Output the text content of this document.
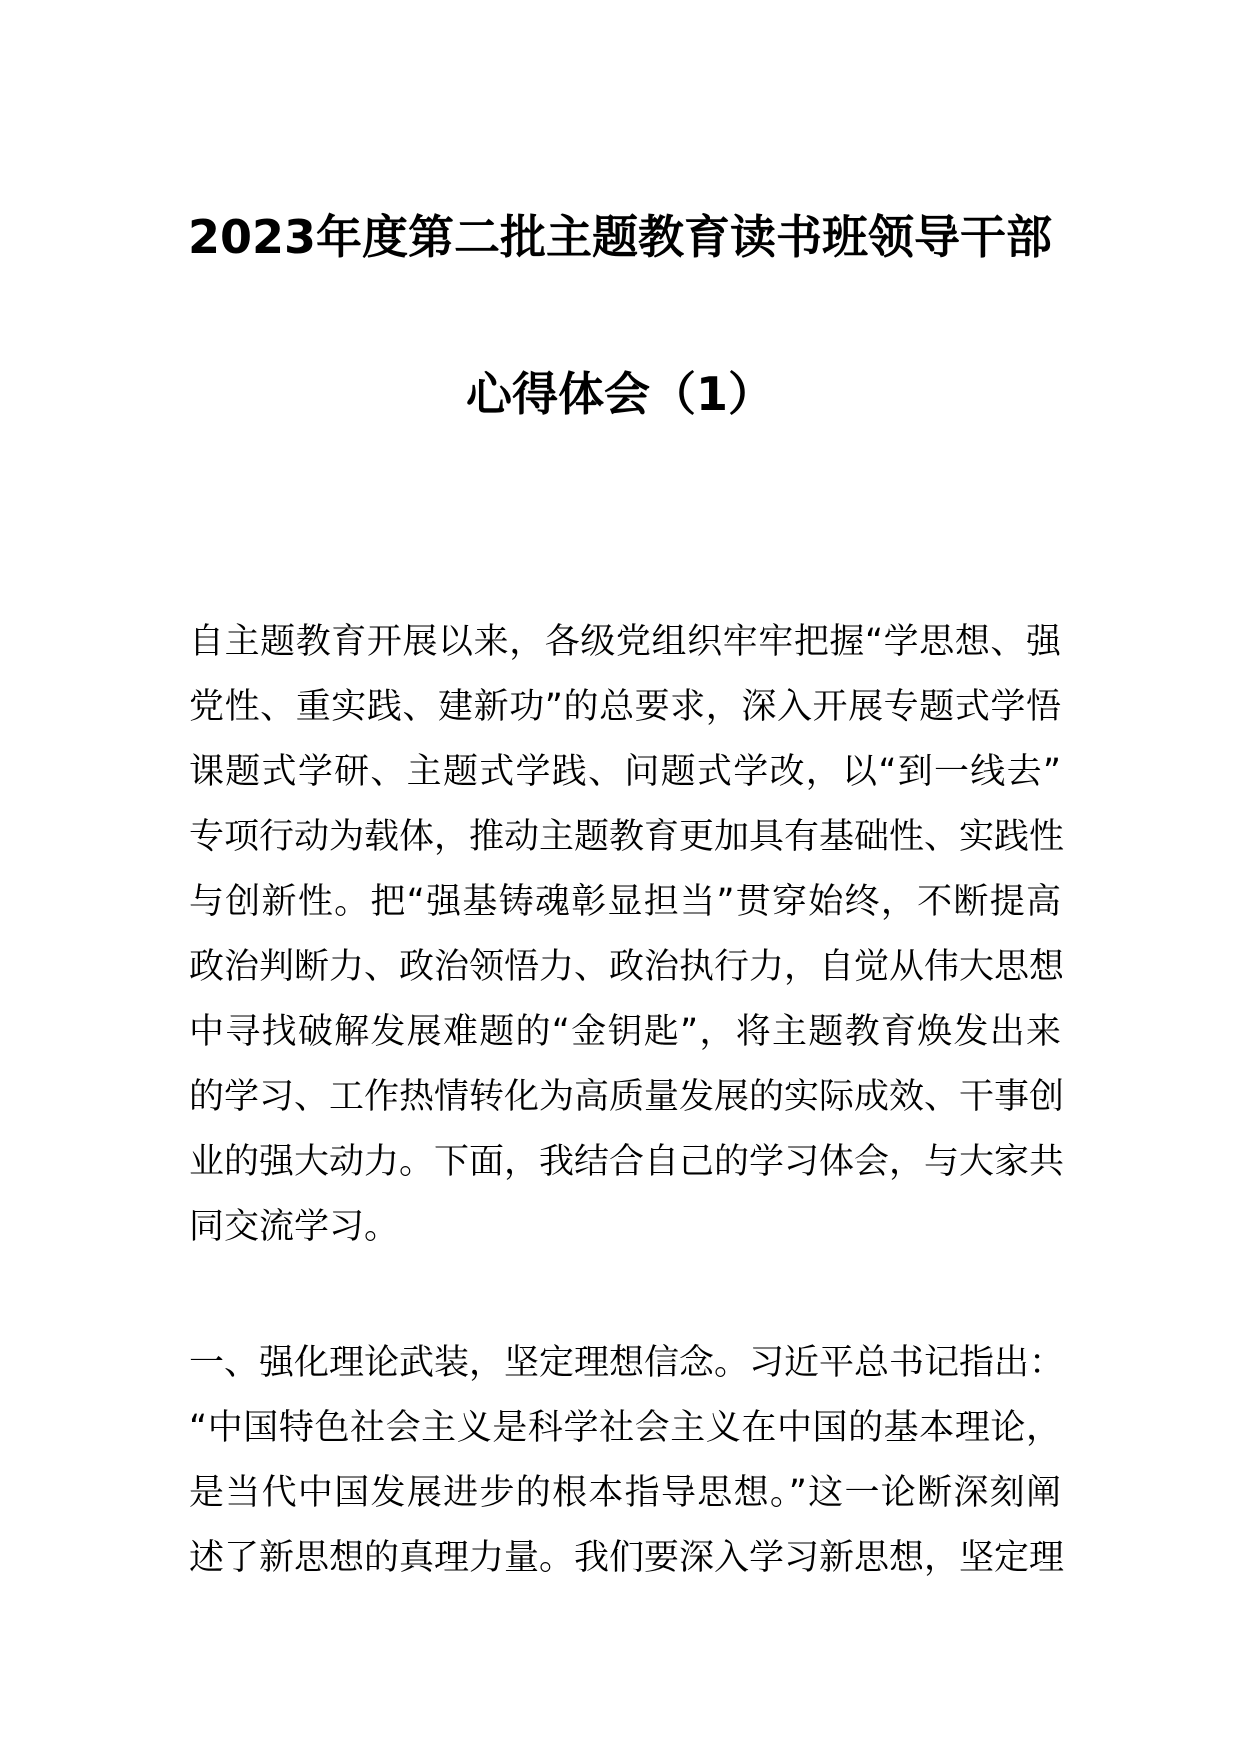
2023年度第二批主题教育读书班领导干部
心得体会（1）
自主题教育开展以来，各级党组织牢牢把握“学思想、强
党性、重实践、建新功”的总要求，深入开展专题式学悟
课题式学研、主题式学践、问题式学改，以“到一线去”
专项行动为载体，推动主题教育更加具有基础性、实践性
与创新性。把“强基铸魂彰显担当”贯穿始终，不断提高
政治判断力、政治领悟力、政治执行力，自觉从伟大思想
中寻找破解发展难题的“金钥匙”，将主题教育焕发出来
的学习、工作热情转化为高质量发展的实际成效、干事创
业的强大动力。下面，我结合自己的学习体会，与大家共
同交流学习。
一、强化理论武装，坚定理想信念。习近平总书记指出：
“中国特色社会主义是科学社会主义在中国的基本理论，
是当代中国发展进步的根本指导思想。”这一论断深刻阐
述了新思想的真理力量。我们要深入学习新思想，坚定理
